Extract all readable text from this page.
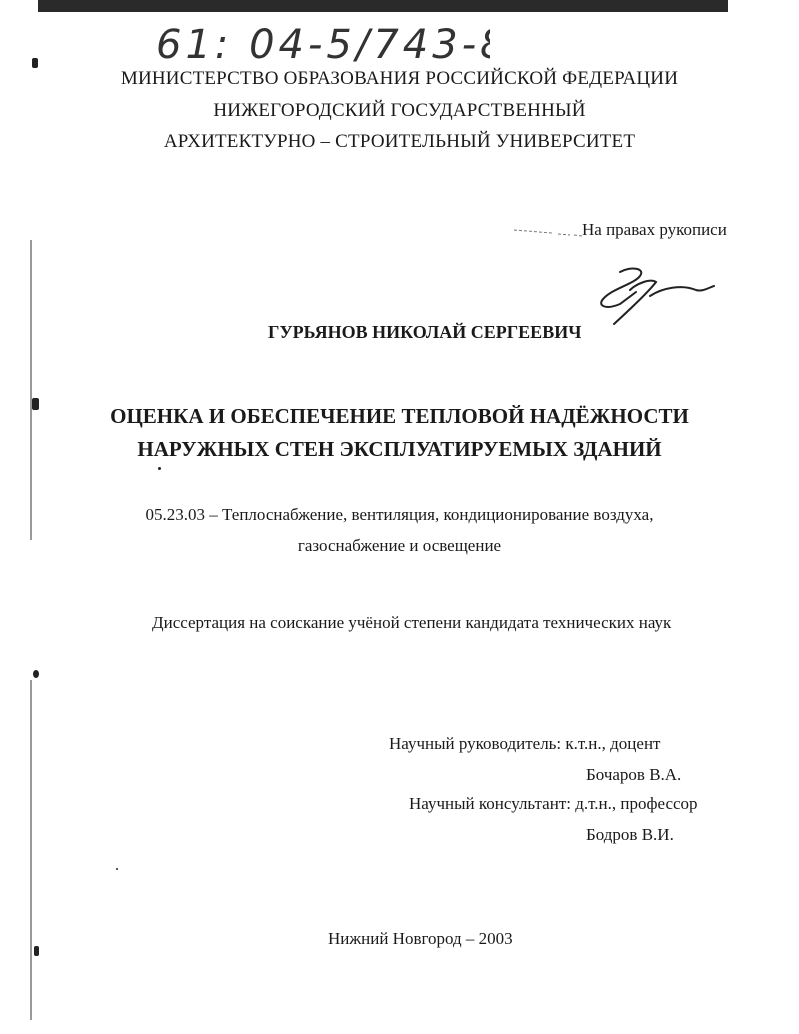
61: 04-5/743-8
МИНИСТЕРСТВО ОБРАЗОВАНИЯ РОССИЙСКОЙ ФЕДЕРАЦИИ
НИЖЕГОРОДСКИЙ ГОСУДАРСТВЕННЫЙ
АРХИТЕКТУРНО – СТРОИТЕЛЬНЫЙ УНИВЕРСИТЕТ
На правах рукописи
ГУРЬЯНОВ НИКОЛАЙ СЕРГЕЕВИЧ
ОЦЕНКА И ОБЕСПЕЧЕНИЕ ТЕПЛОВОЙ НАДЁЖНОСТИ
НАРУЖНЫХ СТЕН ЭКСПЛУАТИРУЕМЫХ ЗДАНИЙ
05.23.03 – Теплоснабжение, вентиляция, кондиционирование воздуха,
газоснабжение и освещение
Диссертация на соискание учёной степени кандидата технических наук
Научный руководитель: к.т.н., доцент
Бочаров В.А.
Научный консультант: д.т.н., профессор
Бодров В.И.
Нижний Новгород – 2003
